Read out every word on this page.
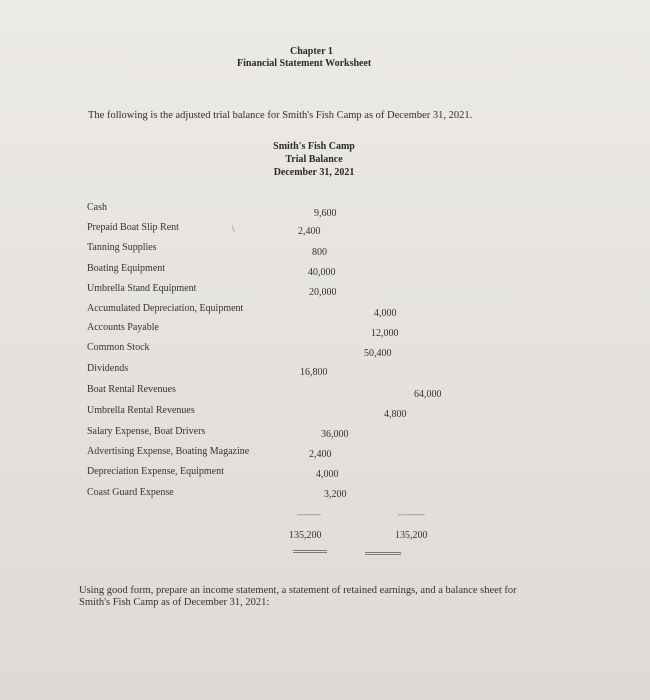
Chapter 1
Financial Statement Worksheet
The following is the adjusted trial balance for Smith's Fish Camp as of December 31, 2021.
Smith's Fish Camp
Trial Balance
December 31, 2021
Cash
Prepaid Boat Slip Rent
Tanning Supplies
Boating Equipment
Umbrella Stand Equipment
Accumulated Depreciation, Equipment
Accounts Payable
Common Stock
Dividends
Boat Rental Revenues
Umbrella Rental Revenues
Salary Expense, Boat Drivers
Advertising Expense, Boating Magazine
Depreciation Expense, Equipment
Coast Guard Expense
\
9,600
2,400
800
40,000
20,000
16,800
36,000
2,400
4,000
3,200
4,000
12,000
50,400
64,000
4,800
--------	---------
135,200	135,200
Using good form, prepare an income statement, a statement of retained earnings, and a balance sheet for Smith's Fish Camp as of December 31, 2021:
